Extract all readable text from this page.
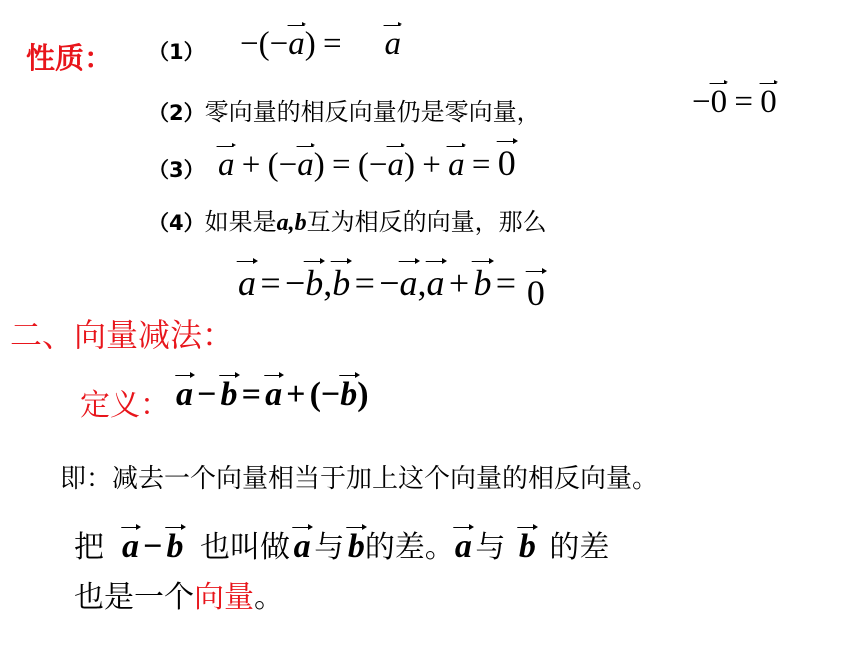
性质： （1） −(−a) = a
（2）零向量的相反向量仍是零向量，	−0 = 0
（3） a + (−a) = (−a) + a = 0
（4）如果是a,b互为相反的向量，那么
a = −b,b = −a,a + b = 0
二、向量减法：
定义： a − b = a + (−b)
即：减去一个向量相当于加上这个向量的相反向量。
把 a − b 也叫做 a 与 b的差。a 与 b 的差
也是一个向量。
